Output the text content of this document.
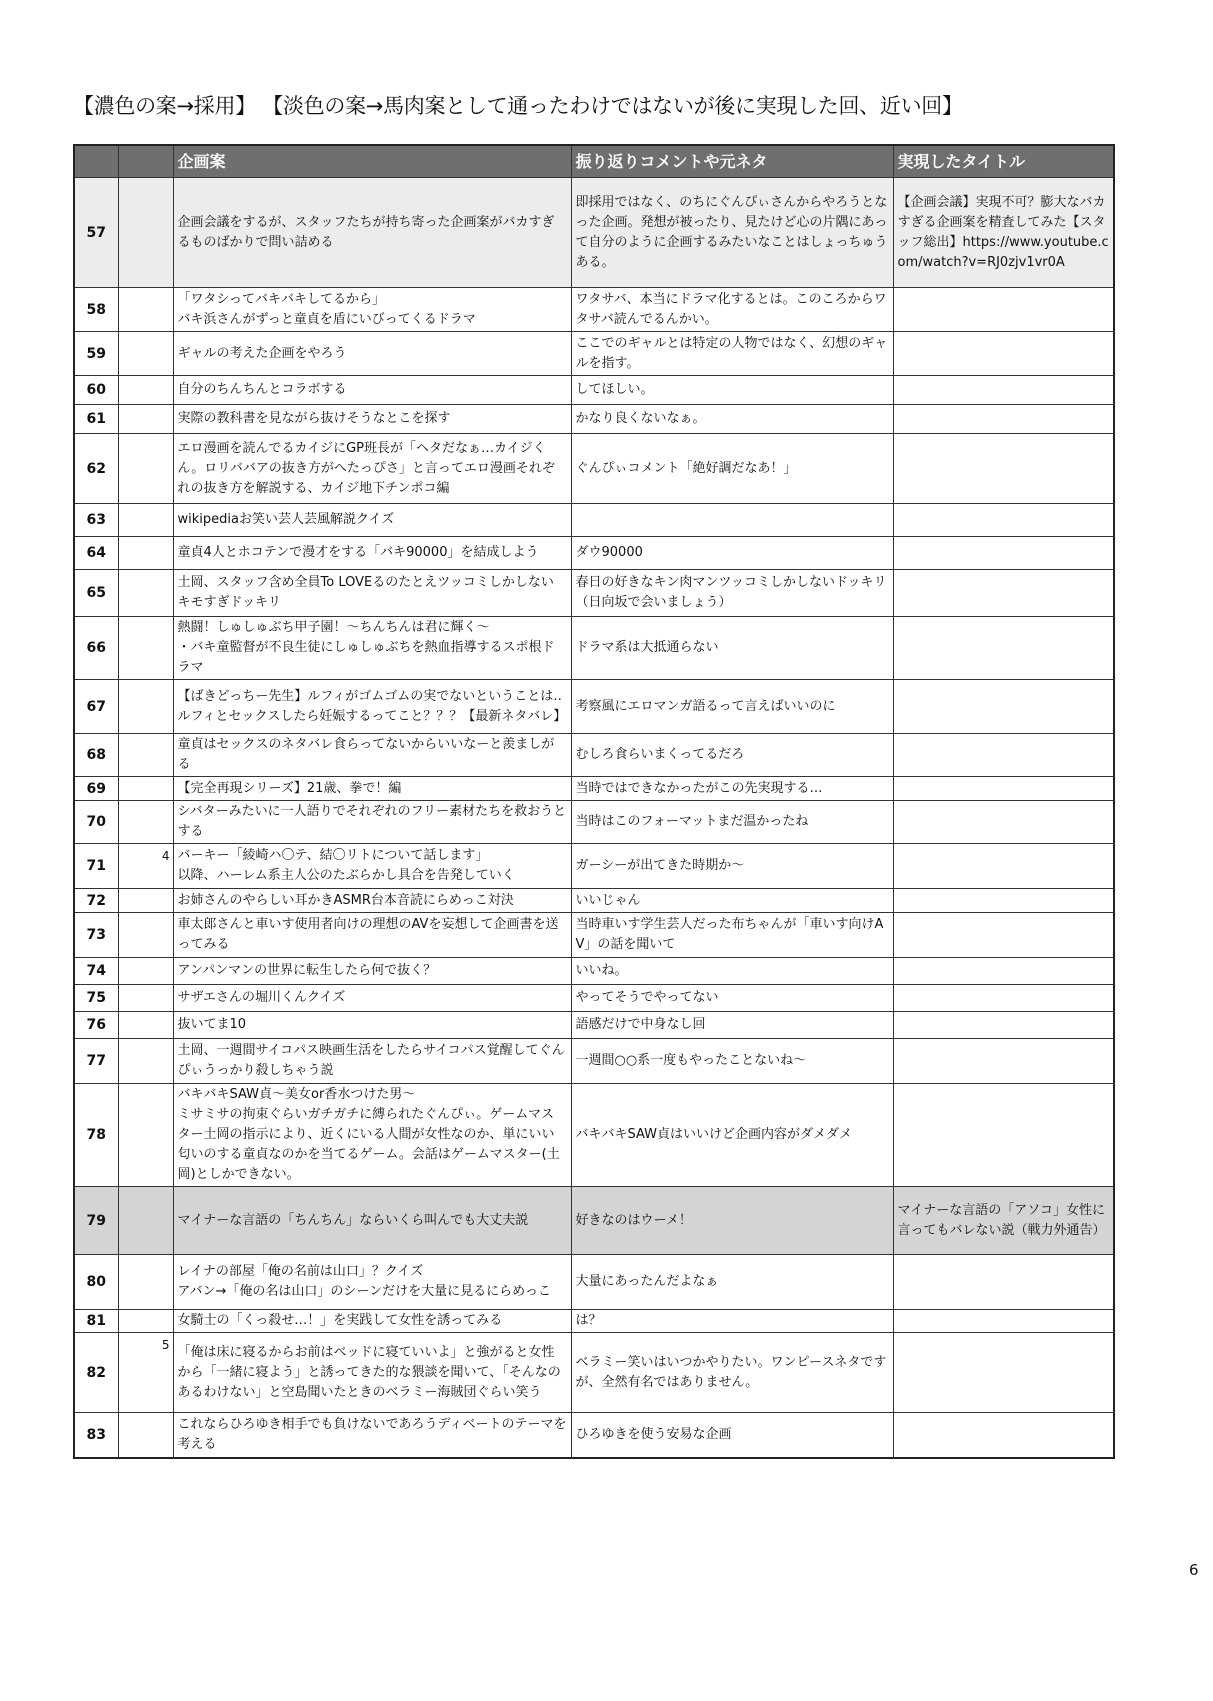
【濃色の案→採用】 【淡色の案→馬肉案として通ったわけではないが後に実現した回、近い回】
		企画案	振り返りコメントや元ネタ	実現したタイトル
57		企画会議をするが、スタッフたちが持ち寄った企画案がバカすぎるものばかりで問い詰める	即採用ではなく、のちにぐんぴぃさんからやろうとなった企画。発想が被ったり、見たけど心の片隅にあって自分のように企画するみたいなことはしょっちゅうある。	【企画会議】実現不可？膨大なバカすぎる企画案を精査してみた【スタッフ総出】https://www.youtube.com/watch?v=RJ0zjv1vr0A
58		「ワタシってバキバキしてるから」
バキ浜さんがずっと童貞を盾にいびってくるドラマ	ワタサバ、本当にドラマ化するとは。このころからワタサバ読んでるんかい。	
59		ギャルの考えた企画をやろう	ここでのギャルとは特定の人物ではなく、幻想のギャルを指す。	
60		自分のちんちんとコラボする	してほしい。	
61		実際の教科書を見ながら抜けそうなとこを探す	かなり良くないなぁ。	
62		エロ漫画を読んでるカイジにGP班長が「ヘタだなぁ…カイジくん。ロリババアの抜き方がへたっぴさ」と言ってエロ漫画それぞれの抜き方を解説する、カイジ地下チンポコ編	ぐんぴぃコメント「絶好調だなあ！」	
63		wikipediaお笑い芸人芸風解説クイズ		
64		童貞4人とホコテンで漫才をする「バキ90000」を結成しよう	ダウ90000	
65		土岡、スタッフ含め全員To LOVEるのたとえツッコミしかしないキモすぎドッキリ	春日の好きなキン肉マンツッコミしかしないドッキリ（日向坂で会いましょう）	
66		熱闘！しゅしゅぶち甲子園！〜ちんちんは君に輝く〜
・バキ童監督が不良生徒にしゅしゅぶちを熱血指導するスポ根ドラマ	ドラマ系は大抵通らない	
67		【ばきどっちー先生】ルフィがゴムゴムの実でないということは‥ルフィとセックスしたら妊娠するってこと？？？【最新ネタバレ】	考察風にエロマンガ語るって言えばいいのに	
68		童貞はセックスのネタバレ食らってないからいいなーと羨ましがる	むしろ食らいまくってるだろ	
69		【完全再現シリーズ】21歳、拳で！編	当時ではできなかったがこの先実現する…	
70		シバターみたいに一人語りでそれぞれのフリー素材たちを救おうとする	当時はこのフォーマットまだ温かったね	
71	4	バーキー「綾崎ハ〇テ、結〇リトについて話します」
以降、ハーレム系主人公のたぶらかし具合を告発していく	ガーシーが出てきた時期か〜	
72		お姉さんのやらしい耳かきASMR台本音読にらめっこ対決	いいじゃん	
73		車太郎さんと車いす使用者向けの理想のAVを妄想して企画書を送ってみる	当時車いす学生芸人だった布ちゃんが「車いす向けAV」の話を聞いて	
74		アンパンマンの世界に転生したら何で抜く？	いいね。	
75		サザエさんの堀川くんクイズ	やってそうでやってない	
76		抜いてま10	語感だけで中身なし回	
77		土岡、一週間サイコパス映画生活をしたらサイコパス覚醒してぐんぴぃうっかり殺しちゃう説	一週間○○系一度もやったことないね〜	
78		バキバキSAW貞〜美女or香水つけた男〜
ミサミサの拘束ぐらいガチガチに縛られたぐんぴぃ。ゲームマスター土岡の指示により、近くにいる人間が女性なのか、単にいい匂いのする童貞なのかを当てるゲーム。会話はゲームマスター(土岡)としかできない。	バキバキSAW貞はいいけど企画内容がダメダメ	
79		マイナーな言語の「ちんちん」ならいくら叫んでも大丈夫説	好きなのはウーメ！	マイナーな言語の「アソコ」女性に言ってもバレない説（戦力外通告）
80		レイナの部屋「俺の名前は山口」？クイズ
アバン→「俺の名は山口」のシーンだけを大量に見るにらめっこ	大量にあったんだよなぁ	
81		女騎士の「くっ殺せ…！」を実践して女性を誘ってみる	は？	
82	5	「俺は床に寝るからお前はベッドに寝ていいよ」と強がると女性から「一緒に寝よう」と誘ってきた的な猥談を聞いて、「そんなのあるわけない」と空島聞いたときのベラミー海賊団ぐらい笑う	ベラミー笑いはいつかやりたい。ワンピースネタですが、全然有名ではありません。	
83		これならひろゆき相手でも負けないであろうディベートのテーマを考える	ひろゆきを使う安易な企画	
6
